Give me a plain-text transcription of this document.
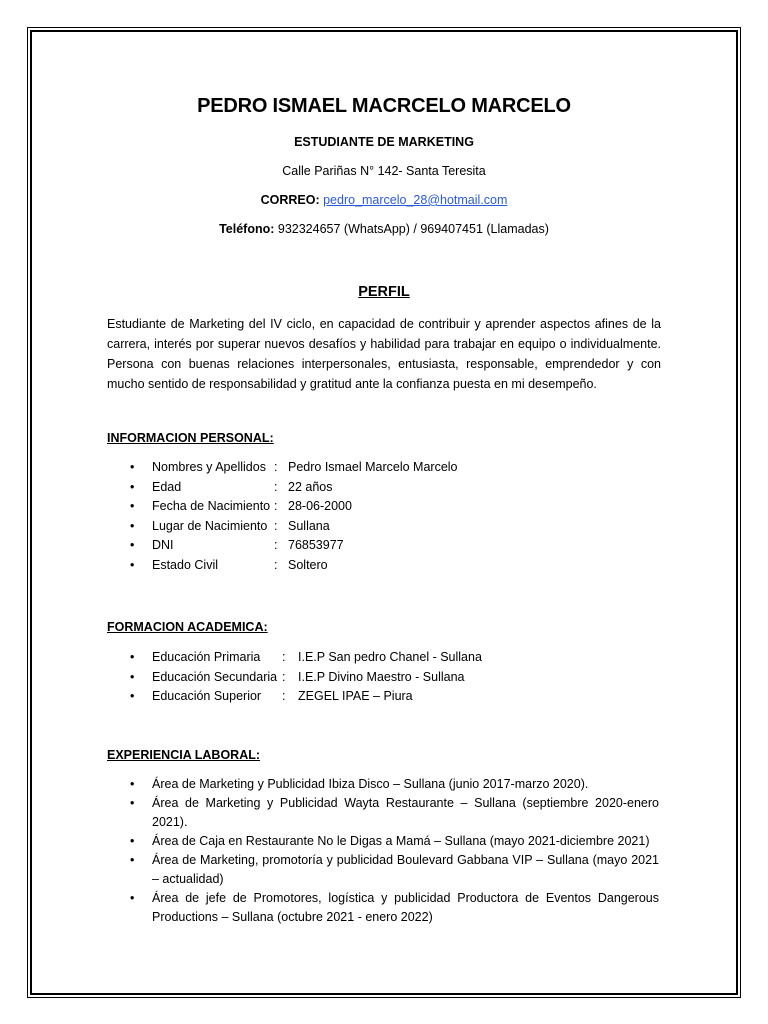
PEDRO ISMAEL MACRCELO MARCELO
ESTUDIANTE DE MARKETING
Calle Pariñas N° 142- Santa Teresita
CORREO: pedro_marcelo_28@hotmail.com
Teléfono: 932324657 (WhatsApp) / 969407451 (Llamadas)
PERFIL
Estudiante de Marketing del IV ciclo, en capacidad de contribuir y aprender aspectos afines de la carrera, interés por superar nuevos desafíos y habilidad para trabajar en equipo o individualmente. Persona con buenas relaciones interpersonales, entusiasta, responsable, emprendedor y con mucho sentido de responsabilidad y gratitud ante la confianza puesta en mi desempeño.
INFORMACION PERSONAL:
• Nombres y Apellidos : Pedro Ismael Marcelo Marcelo
• Edad	: 22 años
• Fecha de Nacimiento : 28-06-2000
• Lugar de Nacimiento : Sullana
• DNI	: 76853977
• Estado Civil	: Soltero
FORMACION ACADEMICA:
• Educación Primaria	:	I.E.P San pedro Chanel - Sullana
• Educación Secundaria :	I.E.P Divino Maestro - Sullana
• Educación Superior	:	ZEGEL IPAE – Piura
EXPERIENCIA LABORAL:
• Área de Marketing y Publicidad Ibiza Disco – Sullana (junio 2017-marzo 2020).
• Área de Marketing y Publicidad Wayta Restaurante – Sullana (septiembre 2020-enero 2021).
• Área de Caja en Restaurante No le Digas a Mamá – Sullana (mayo 2021-diciembre 2021)
• Área de Marketing, promotoría y publicidad Boulevard Gabbana VIP – Sullana (mayo 2021 – actualidad)
• Área de jefe de Promotores, logística y publicidad Productora de Eventos Dangerous Productions – Sullana (octubre 2021 - enero 2022)
